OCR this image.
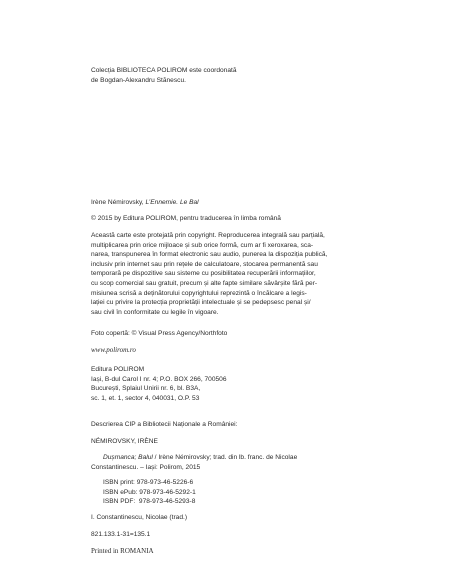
Colecția BIBLIOTECA POLIROM este coordonată
de Bogdan-Alexandru Stănescu.
Irène Némirovsky, L’Ennemie. Le Bal
© 2015 by Editura POLIROM, pentru traducerea în limba română
Această carte este protejată prin copyright. Reproducerea integrală sau parțială,
multiplicarea prin orice mijloace și sub orice formă, cum ar fi xeroxarea, sca-
narea, transpunerea în format electronic sau audio, punerea la dispoziția publică,
inclusiv prin internet sau prin rețele de calculatoare, stocarea permanentă sau
temporară pe dispozitive sau sisteme cu posibilitatea recuperării informațiilor,
cu scop comercial sau gratuit, precum și alte fapte similare săvârșite fără per-
misiunea scrisă a deținătorului copyrightului reprezintă o încălcare a legis-
lației cu privire la protecția proprietății intelectuale și se pedepsesc penal și/
sau civil în conformitate cu legile în vigoare.
Foto copertă: © Visual Press Agency/Northfoto
www.polirom.ro
Editura POLIROM
Iași, B-dul Carol I nr. 4; P.O. BOX 266, 700506
București, Splaiul Unirii nr. 6, bl. B3A,
sc. 1, et. 1, sector 4, 040031, O.P. 53
Descrierea CIP a Bibliotecii Naționale a României:
NÉMIROVSKY, IRÈNE
Dușmanca; Balul / Irène Némirovsky; trad. din lb. franc. de Nicolae
Constantinescu. – Iași: Polirom, 2015
ISBN print: 978-973-46-5226-6
ISBN ePub: 978-973-46-5292-1
ISBN PDF:  978-973-46-5293-8
I. Constantinescu, Nicolae (trad.)
821.133.1-31=135.1
Printed in ROMANIA
